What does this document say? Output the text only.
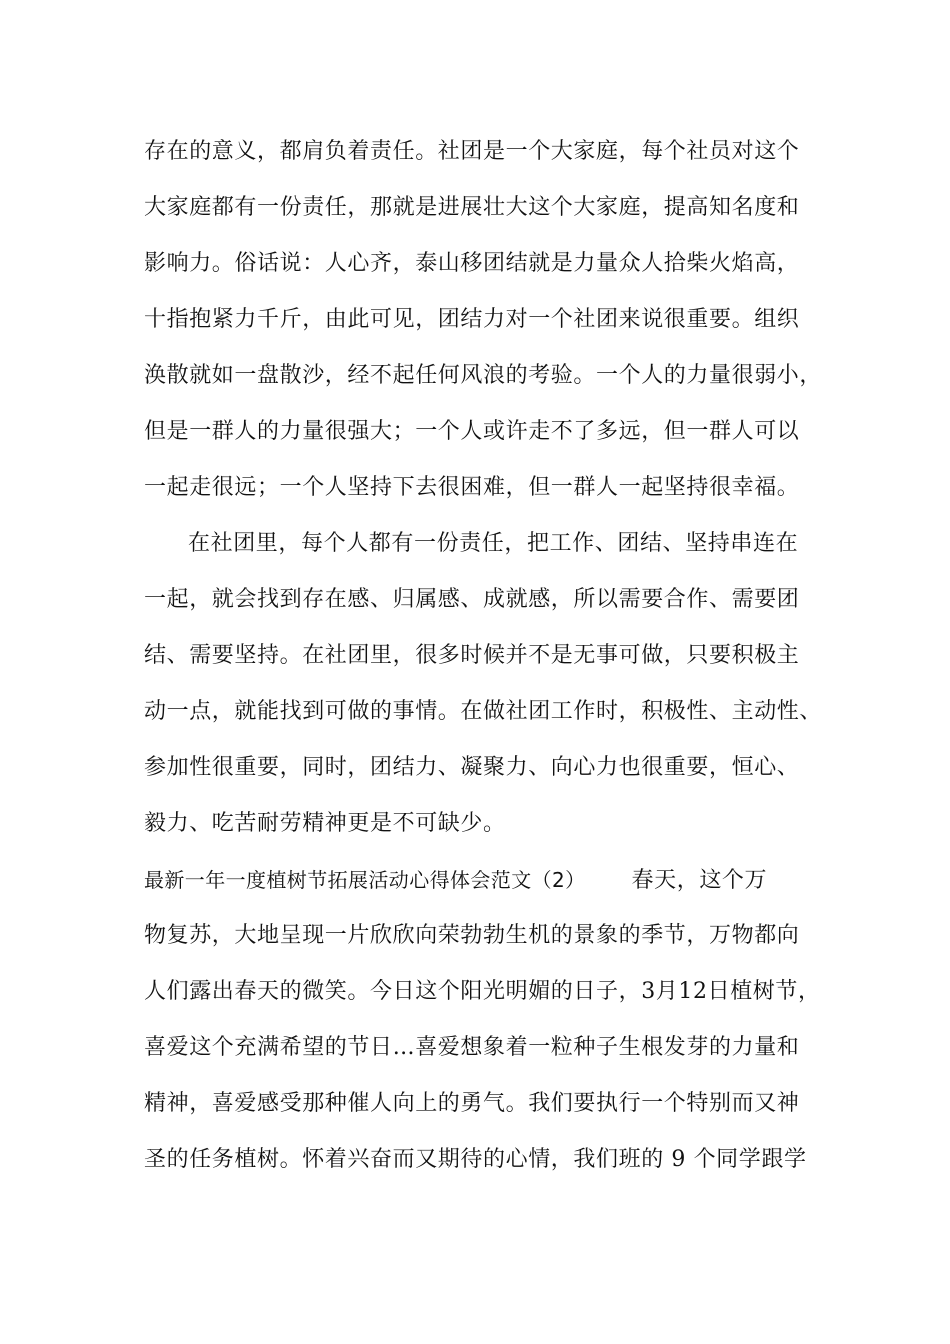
存在的意义，都肩负着责任。社团是一个大家庭，每个社员对这个
大家庭都有一份责任，那就是进展壮大这个大家庭，提高知名度和
影响力。俗话说：人心齐，泰山移团结就是力量众人拾柴火焰高，
十指抱紧力千斤，由此可见，团结力对一个社团来说很重要。组织
涣散就如一盘散沙，经不起任何风浪的考验。一个人的力量很弱小，
但是一群人的力量很强大；一个人或许走不了多远，但一群人可以
一起走很远；一个人坚持下去很困难，但一群人一起坚持很幸福。
在社团里，每个人都有一份责任，把工作、团结、坚持串连在
一起，就会找到存在感、归属感、成就感，所以需要合作、需要团
结、需要坚持。在社团里，很多时候并不是无事可做，只要积极主
动一点，就能找到可做的事情。在做社团工作时，积极性、主动性、
参加性很重要，同时，团结力、凝聚力、向心力也很重要，恒心、
毅力、吃苦耐劳精神更是不可缺少。
最新一年一度植树节拓展活动心得体会范文（2） 春天，这个万
物复苏，大地呈现一片欣欣向荣勃勃生机的景象的季节，万物都向
人们露出春天的微笑。今日这个阳光明媚的日子，3月12日植树节，
喜爱这个充满希望的节日…喜爱想象着一粒种子生根发芽的力量和
精神，喜爱感受那种催人向上的勇气。我们要执行一个特别而又神
圣的任务植树。怀着兴奋而又期待的心情，我们班的 9 个同学跟学
